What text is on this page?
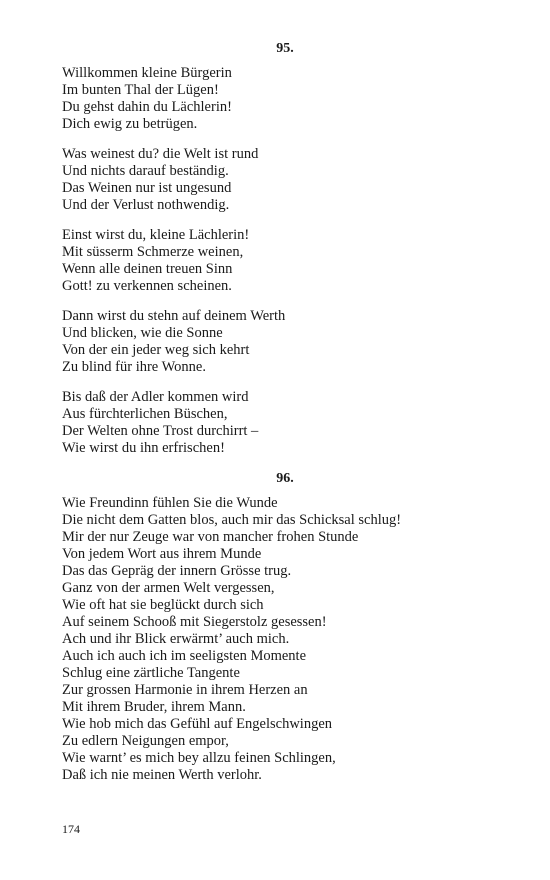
95.
Willkommen kleine Bürgerin
Im bunten Thal der Lügen!
Du gehst dahin du Lächlerin!
Dich ewig zu betrügen.
Was weinest du? die Welt ist rund
Und nichts darauf beständig.
Das Weinen nur ist ungesund
Und der Verlust nothwendig.
Einst wirst du, kleine Lächlerin!
Mit süsserm Schmerze weinen,
Wenn alle deinen treuen Sinn
Gott! zu verkennen scheinen.
Dann wirst du stehn auf deinem Werth
Und blicken, wie die Sonne
Von der ein jeder weg sich kehrt
Zu blind für ihre Wonne.
Bis daß der Adler kommen wird
Aus fürchterlichen Büschen,
Der Welten ohne Trost durchirrt –
Wie wirst du ihn erfrischen!
96.
Wie Freundinn fühlen Sie die Wunde
Die nicht dem Gatten blos, auch mir das Schicksal schlug!
Mir der nur Zeuge war von mancher frohen Stunde
Von jedem Wort aus ihrem Munde
Das das Gepräg der innern Grösse trug.
Ganz von der armen Welt vergessen,
Wie oft hat sie beglückt durch sich
Auf seinem Schooß mit Siegerstolz gesessen!
Ach und ihr Blick erwärmt’ auch mich.
Auch ich auch ich im seeligsten Momente
Schlug eine zärtliche Tangente
Zur grossen Harmonie in ihrem Herzen an
Mit ihrem Bruder, ihrem Mann.
Wie hob mich das Gefühl auf Engelschwingen
Zu edlern Neigungen empor,
Wie warnt’ es mich bey allzu feinen Schlingen,
Daß ich nie meinen Werth verlohr.
174
